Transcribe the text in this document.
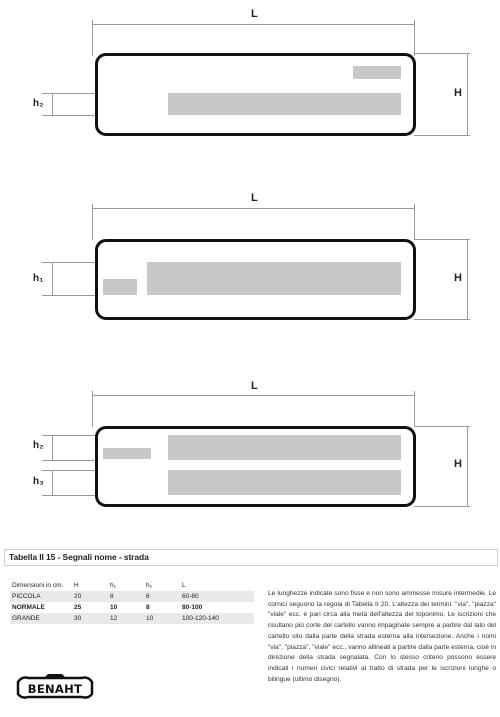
L
H
h₂
L
H
h₁
L
H
h₂
h₃
Tabella II 15 - Segnali nome - strada
Dimensioni in cm.	H	h₁	h₂	L
PICCOLA	20	8	6	60-80
NORMALE	25	10	8	80-100
GRANDE	30	12	10	100-120-140
Le lunghezze indicate sono fisse e non sono ammesse misure intermedie. Le cornici seguono la regola di Tabella II 20. L'altezza dei termini: "via", "piazza" "viale" ecc. è pari circa alla metà dell'altezza del toponimo. Le iscrizioni che risultano più corte del cartello vanno impaginate sempre a partire dal lato del cartello sito dalla parte della strada esterna alla intersezione. Anche i nomi "via", "piazza", "viale" ecc., vanno allineati a partire dalla parte esterna, cioè in direzione della strada segnalata. Con lo stesso criterio possono essere indicati i numeri civici relativi al tratto di strada per le iscrizioni lunghe o bilingue (ultimo disegno).
BENAHT
